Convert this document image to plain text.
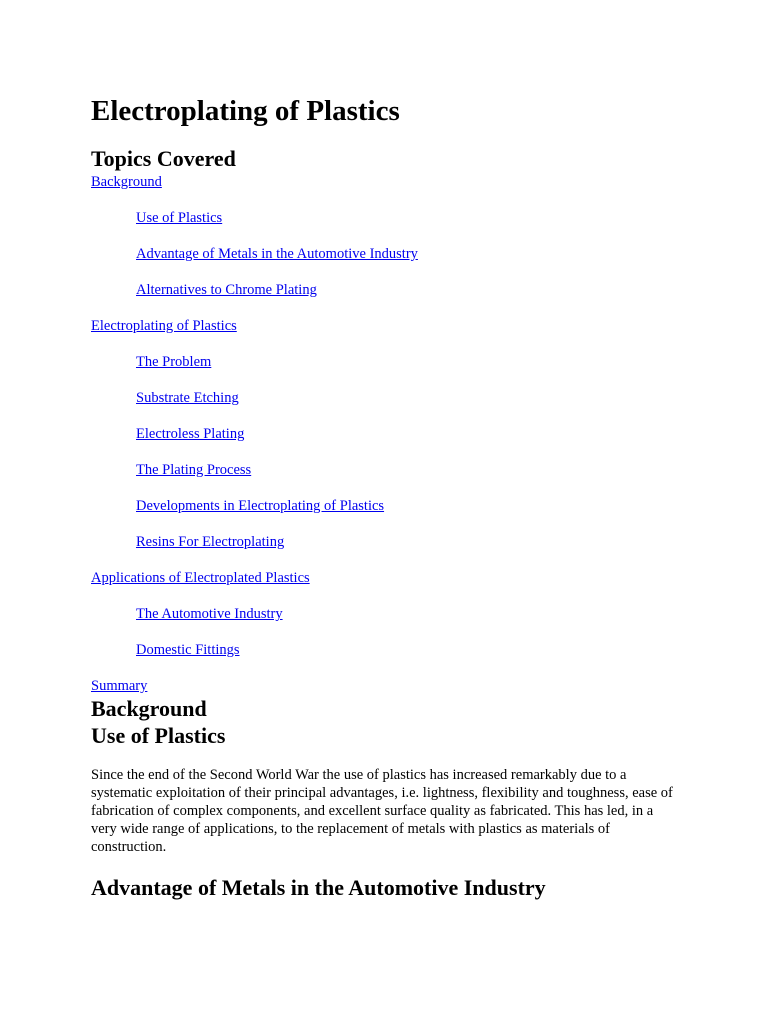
Electroplating of Plastics
Topics Covered
Background
Use of Plastics
Advantage of Metals in the Automotive Industry
Alternatives to Chrome Plating
Electroplating of Plastics
The Problem
Substrate Etching
Electroless Plating
The Plating Process
Developments in Electroplating of Plastics
Resins For Electroplating
Applications of Electroplated Plastics
The Automotive Industry
Domestic Fittings
Summary
Background
Use of Plastics

Since the end of the Second World War the use of plastics has increased remarkably due to a systematic exploitation of their principal advantages, i.e. lightness, flexibility and toughness, ease of fabrication of complex components, and excellent surface quality as fabricated. This has led, in a very wide range of applications, to the replacement of metals with plastics as materials of construction.

Advantage of Metals in the Automotive Industry
